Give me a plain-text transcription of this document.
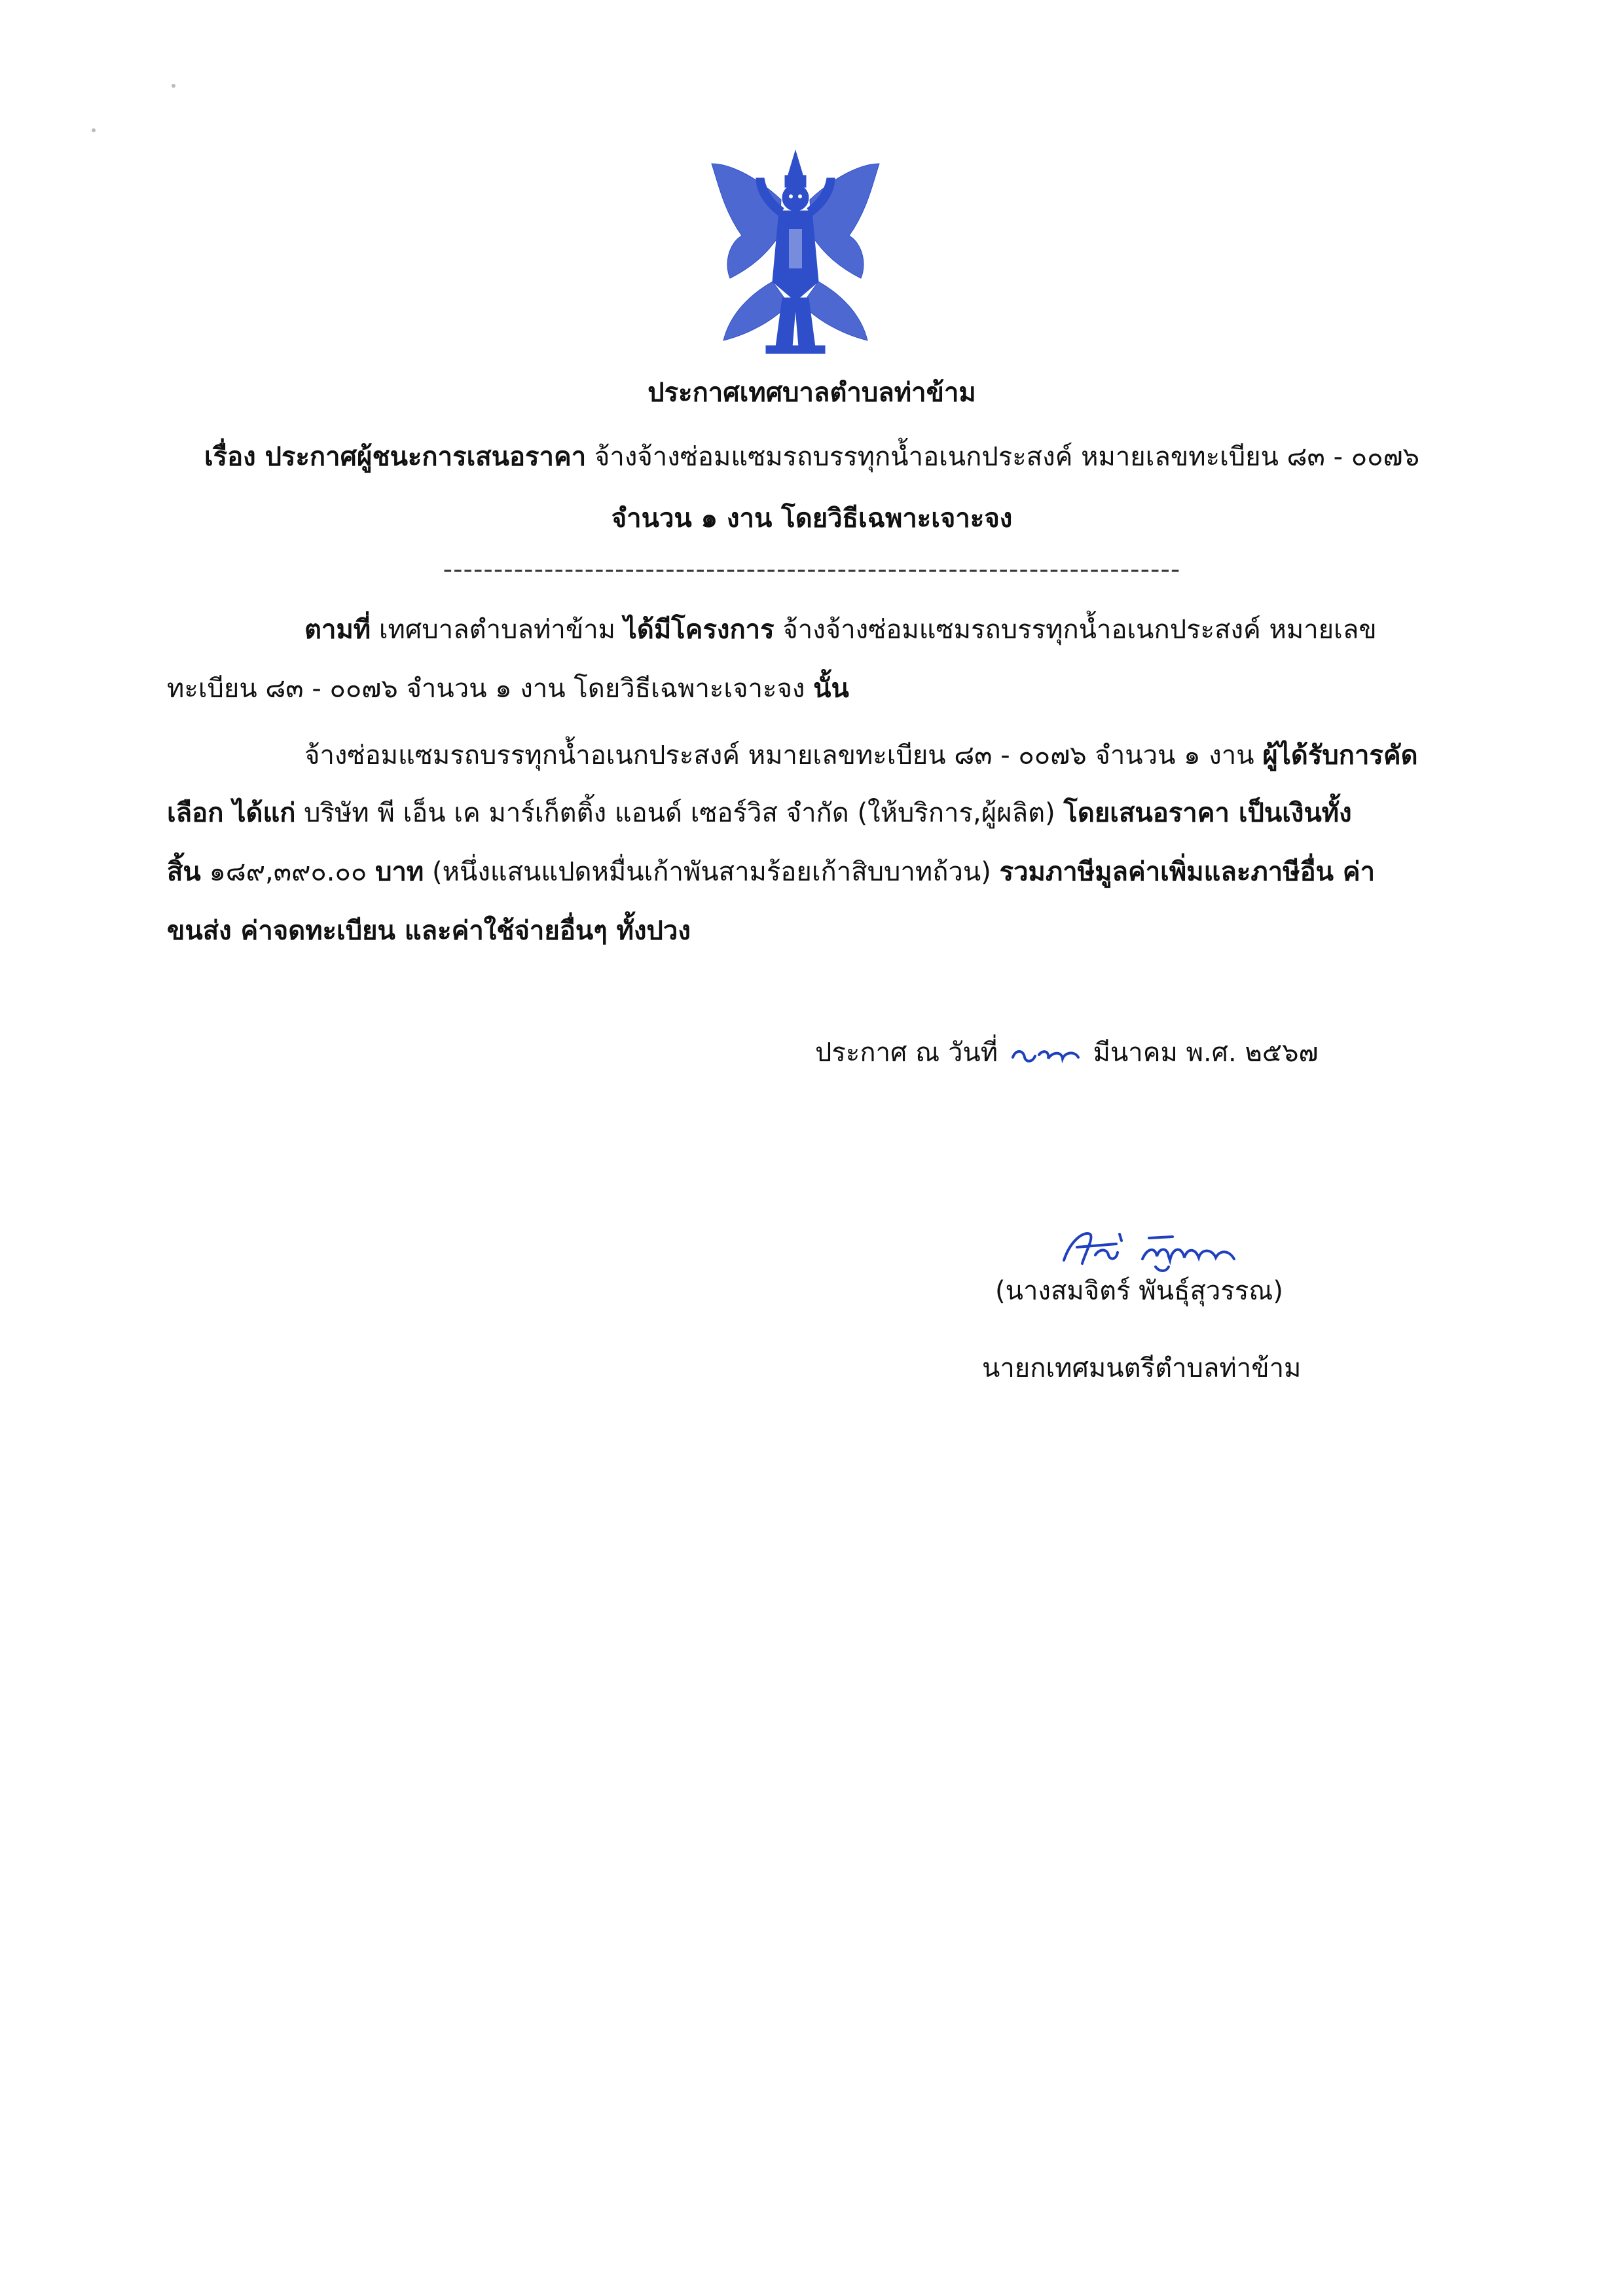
ประกาศเทศบาลตำบลท่าข้าม
เรื่อง ประกาศผู้ชนะการเสนอราคา จ้างจ้างซ่อมแซมรถบรรทุกน้ำอเนกประสงค์ หมายเลขทะเบียน ๘๓ - ๐๐๗๖
จำนวน ๑ งาน โดยวิธีเฉพาะเจาะจง
-------------------------------------------------------------------------
ตามที่ เทศบาลตำบลท่าข้าม ได้มีโครงการ จ้างจ้างซ่อมแซมรถบรรทุกน้ำอเนกประสงค์ หมายเลข
ทะเบียน ๘๓ - ๐๐๗๖ จำนวน ๑ งาน โดยวิธีเฉพาะเจาะจง นั้น
จ้างซ่อมแซมรถบรรทุกน้ำอเนกประสงค์ หมายเลขทะเบียน ๘๓ - ๐๐๗๖ จำนวน ๑ งาน ผู้ได้รับการคัด
เลือก ได้แก่ บริษัท พี เอ็น เค มาร์เก็ตติ้ง แอนด์ เซอร์วิส จำกัด (ให้บริการ,ผู้ผลิต) โดยเสนอราคา เป็นเงินทั้ง
สิ้น ๑๘๙,๓๙๐.๐๐ บาท (หนึ่งแสนแปดหมื่นเก้าพันสามร้อยเก้าสิบบาทถ้วน) รวมภาษีมูลค่าเพิ่มและภาษีอื่น ค่า
ขนส่ง ค่าจดทะเบียน และค่าใช้จ่ายอื่นๆ ทั้งปวง
ประกาศ ณ วันที่	มีนาคม พ.ศ. ๒๕๖๗
(นางสมจิตร์ พันธุ์สุวรรณ)
นายกเทศมนตรีตำบลท่าข้าม
